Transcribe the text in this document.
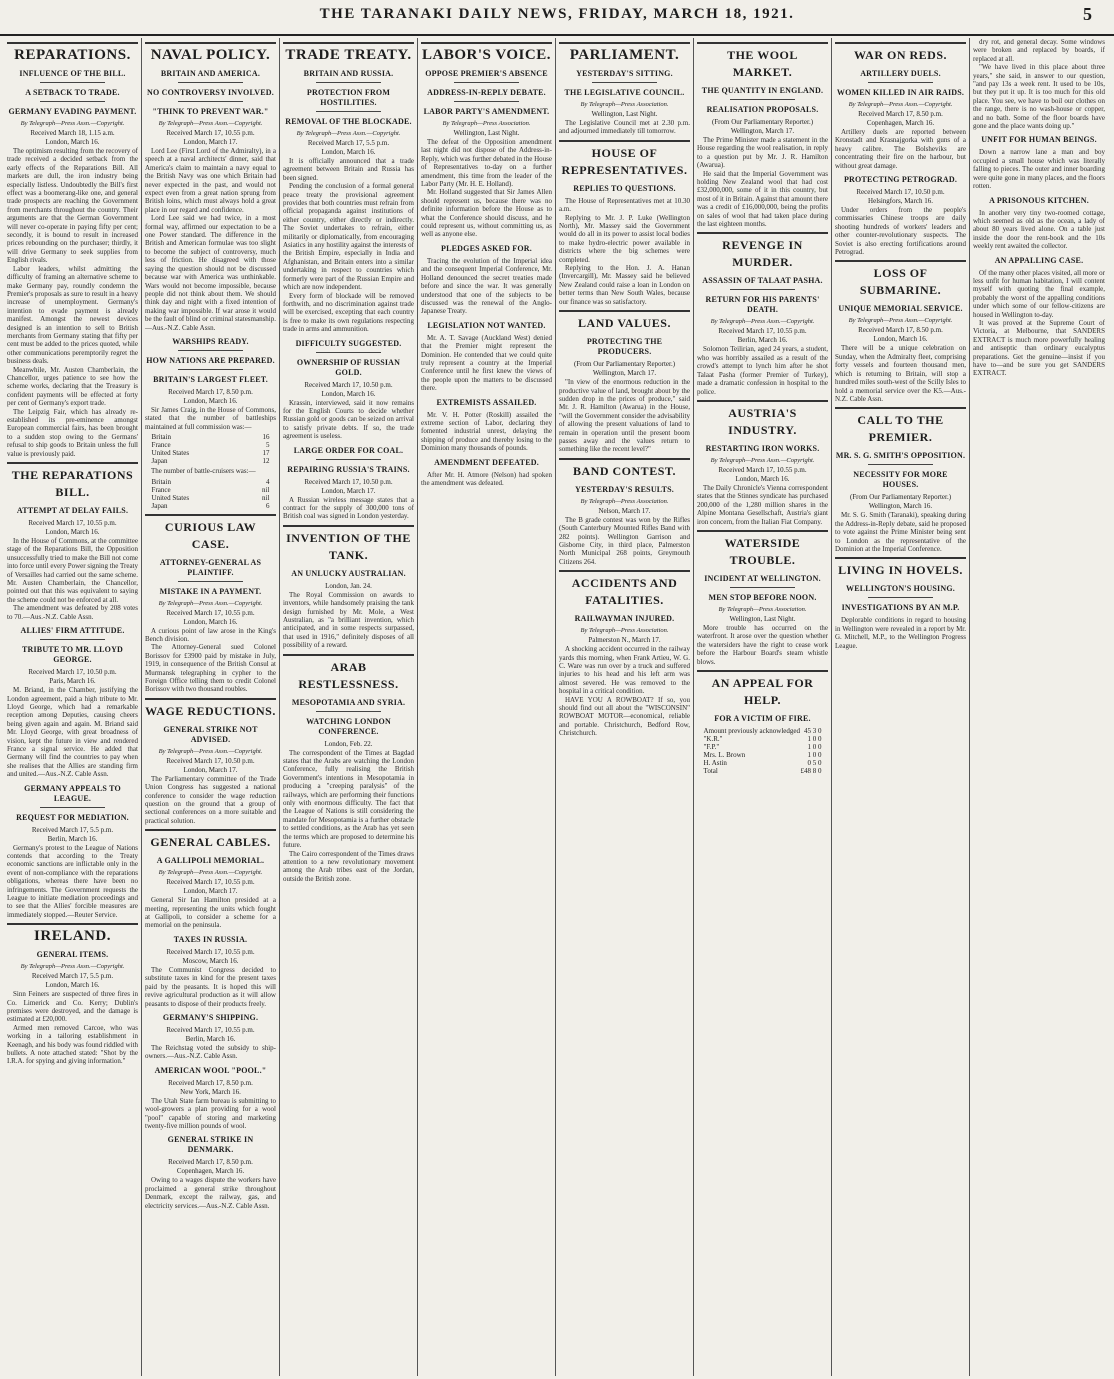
THE TARANAKI DAILY NEWS, FRIDAY, MARCH 18, 1921.	5
REPARATIONS.
INFLUENCE OF THE BILL.
A SETBACK TO TRADE.
GERMANY EVADING PAYMENT.
By Telegraph—Press Assn.—Copyright.
Received March 18, 1.15 a.m.
London, March 16.

The optimism resulting from the recovery of trade received a decided setback from the early effects of the Reparations Bill. All markets are dull, the iron industry being especially listless. Undoubtedly the Bill's first effect was a boomerang-like one, and general trade prospects are reaching the Government from merchants throughout the country. Their arguments are that the German Government will never co-operate in paying fifty per cent; secondly, it is bound to result in increased prices rebounding on the purchaser; thirdly, it will drive Germany to seek supplies from English rivals.

Labor leaders, whilst admitting the difficulty of framing an alternative scheme to make Germany pay, roundly condemn the Premier's proposals as sure to result in a heavy increase of unemployment. Germany's intention to evade payment is already manifest. Amongst the newest devices designed is an intention to sell to British merchants from Germany stating that fifty per cent must be added to the prices quoted, while other communications peremptorily regret the business deals.

Meanwhile, Mr. Austen Chamberlain, the Chancellor, urges patience to see how the scheme works, declaring that the Treasury is confident payments will be effected at forty per cent of Germany's export trade.

The Leipzig Fair, which has already re-established its pre-eminence amongst European commercial fairs, has been brought to a sudden stop owing to the Germans' refusal to ship goods to Britain unless the full value is previously paid.

THE REPARATIONS BILL.
ATTEMPT AT DELAY FAILS.
Received March 17, 10.55 p.m.
London, March 16.

In the House of Commons, at the committee stage of the Reparations Bill, the Opposition unsuccessfully tried to make the Bill not come into force until every Power signing the Treaty of Versailles had carried out the same scheme. Mr. Austen Chamberlain, the Chancellor, pointed out that this was equivalent to saying the scheme could not be enforced at all.

The amendment was defeated by 208 votes to 70.—Aus.-N.Z. Cable Assn.

ALLIES' FIRM ATTITUDE.
TRIBUTE TO MR. LLOYD GEORGE.
Received March 17, 10.50 p.m.
Paris, March 16.

M. Briand, in the Chamber, justifying the London agreement, paid a high tribute to Mr. Lloyd George, which had a remarkable reception among Deputies, causing cheers being given again and again. M. Briand said Mr. Lloyd George, with great broadness of vision, kept the future in view and rendered France a signal service. He added that Germany will find the countries to pay when she realises that the Allies are standing firm and united.—Aus.-N.Z. Cable Assn.

GERMANY APPEALS TO LEAGUE.
REQUEST FOR MEDIATION.
Received March 17, 5.5 p.m.
Berlin, March 16.

Germany's protest to the League of Nations contends that according to the Treaty economic sanctions are inflictable only in the event of non-compliance with the reparations obligations, whereas there have been no infringements. The Government requests the League to initiate mediation proceedings and to see that the Allies' forcible measures are immediately stopped.—Reuter Service.

IRELAND.
GENERAL ITEMS.
By Telegraph—Press Assn.—Copyright.
Received March 17, 5.5 p.m.
London, March 16.

Sinn Feiners are suspected of three fires in Co. Limerick and Co. Kerry; Dublin's premises were destroyed, and the damage is estimated at £20,000.

Armed men removed Carcoe, who was working in a tailoring establishment in Keenagh, and his body was found riddled with bullets. A note attached stated: "Shot by the I.R.A. for spying and giving information."

NAVAL POLICY.
BRITAIN AND AMERICA.
NO CONTROVERSY INVOLVED.
"THINK TO PREVENT WAR."
By Telegraph—Press Assn.—Copyright.
Received March 17, 10.55 p.m.
London, March 17.

Lord Lee (First Lord of the Admiralty), in a speech at a naval architects' dinner, said that America's claim to maintain a navy equal to the British Navy was one which Britain had never expected in the past, and would not expect even from a great nation sprung from British loins, which must always hold a great place in our regard and confidence.

Lord Lee said we had twice, in a most formal way, affirmed our expectation to be a one Power standard. The difference in the British and American formulae was too slight to become the subject of controversy, much less of friction. He disagreed with those saying the question should not be discussed because war with America was unthinkable. Wars would not become impossible, because people did not think about them. We should think day and night with a fixed intention of making war impossible. If war arose it would be the fault of blind or criminal statesmanship.—Aus.-N.Z. Cable Assn.

WARSHIPS READY.
HOW NATIONS ARE PREPARED.
BRITAIN'S LARGEST FLEET.
Received March 17, 8.50 p.m.
London, March 16.

Sir James Craig, in the House of Commons, stated that the number of battleships maintained at full commission was:—

Britain	16
France	5
United States	17
Japan	12

The number of battle-cruisers was:—

Britain	4
France	nil
United States	nil
Japan	6
CURIOUS LAW CASE.
ATTORNEY-GENERAL AS PLAINTIFF.
MISTAKE IN A PAYMENT.
By Telegraph—Press Assn.—Copyright.
Received March 17, 10.55 p.m.
London, March 16.

A curious point of law arose in the King's Bench division.

The Attorney-General sued Colonel Borissov for £3900 paid by mistake in July, 1919, in consequence of the British Consul at Murmansk telegraphing in cypher to the Foreign Office telling them to credit Colonel Borissov with two thousand roubles.

WAGE REDUCTIONS.
GENERAL STRIKE NOT ADVISED.
By Telegraph—Press Assn.—Copyright.
Received March 17, 10.50 p.m.
London, March 17.

The Parliamentary committee of the Trade Union Congress has suggested a national conference to consider the wage reduction question on the ground that a group of sectional conferences on a more suitable and practical solution.

GENERAL CABLES.
A GALLIPOLI MEMORIAL.
By Telegraph—Press Assn.—Copyright.
Received March 17, 10.55 p.m.
London, March 17.

General Sir Ian Hamilton presided at a meeting, representing the units which fought at Gallipoli, to consider a scheme for a memorial on the peninsula.

TAXES IN RUSSIA.
Received March 17, 10.55 p.m.
Moscow, March 16.

The Communist Congress decided to substitute taxes in kind for the present taxes paid by the peasants. It is hoped this will revive agricultural production as it will allow peasants to dispose of their products freely.

GERMANY'S SHIPPING.
Received March 17, 10.55 p.m.
Berlin, March 16.

The Reichstag voted the subsidy to ship-owners.—Aus.-N.Z. Cable Assn.

AMERICAN WOOL "POOL."
Received March 17, 8.50 p.m.
New York, March 16.

The Utah State farm bureau is submitting to wool-growers a plan providing for a wool "pool" capable of storing and marketing twenty-five million pounds of wool.

GENERAL STRIKE IN DENMARK.
Received March 17, 8.50 p.m.
Copenhagen, March 16.

Owing to a wages dispute the workers have proclaimed a general strike throughout Denmark, except the railway, gas, and electricity services.—Aus.-N.Z. Cable Assn.

TRADE TREATY.
BRITAIN AND RUSSIA.
PROTECTION FROM HOSTILITIES.
REMOVAL OF THE BLOCKADE.
By Telegraph—Press Assn.—Copyright.
Received March 17, 5.5 p.m.
London, March 16.

It is officially announced that a trade agreement between Britain and Russia has been signed.

Pending the conclusion of a formal general peace treaty the provisional agreement provides that both countries must refrain from official propaganda against institutions of either country, either directly or indirectly. The Soviet undertakes to refrain, either militarily or diplomatically, from encouraging Asiatics in any hostility against the interests of the British Empire, especially in India and Afghanistan, and Britain enters into a similar undertaking in respect to countries which formerly were part of the Russian Empire and which are now independent.

Every form of blockade will be removed forthwith, and no discrimination against trade will be exercised, excepting that each country is free to make its own regulations respecting trade in arms and ammunition.

DIFFICULTY SUGGESTED.
OWNERSHIP OF RUSSIAN GOLD.
Received March 17, 10.50 p.m.
London, March 16.

Krassin, interviewed, said it now remains for the English Courts to decide whether Russian gold or goods can be seized on arrival to satisfy private debts. If so, the trade agreement is useless.

LARGE ORDER FOR COAL.
REPAIRING RUSSIA'S TRAINS.
Received March 17, 10.50 p.m.
London, March 17.

A Russian wireless message states that a contract for the supply of 300,000 tons of British coal was signed in London yesterday.

INVENTION OF THE TANK.
AN UNLUCKY AUSTRALIAN.
London, Jan. 24.

The Royal Commission on awards to inventors, while handsomely praising the tank design furnished by Mr. Mole, a West Australian, as "a brilliant invention, which anticipated, and in some respects surpassed, that used in 1916," definitely disposes of all possibility of a reward.

ARAB RESTLESSNESS.
MESOPOTAMIA AND SYRIA.
WATCHING LONDON CONFERENCE.
London, Feb. 22.

The correspondent of the Times at Bagdad states that the Arabs are watching the London Conference, fully realising the British Government's intentions in Mesopotamia in producing a "creeping paralysis" of the railways, which are performing their functions only with enormous difficulty. The fact that the League of Nations is still considering the mandate for Mesopotamia is a further obstacle to settled conditions, as the Arab has yet seen the terms which are proposed to determine his future.

The Cairo correspondent of the Times draws attention to a new revolutionary movement among the Arab tribes east of the Jordan, outside the British zone.

LABOR'S VOICE.
OPPOSE PREMIER'S ABSENCE
ADDRESS-IN-REPLY DEBATE.
LABOR PARTY'S AMENDMENT.
By Telegraph—Press Association.
Wellington, Last Night.

The defeat of the Opposition amendment last night did not dispose of the Address-in-Reply, which was further debated in the House of Representatives to-day on a further amendment, this time from the leader of the Labor Party (Mr. H. E. Holland).

Mr. Holland suggested that Sir James Allen should represent us, because there was no definite information before the House as to what the Conference should discuss, and he could represent us, without committing us, as well as anyone else.

PLEDGES ASKED FOR.

Tracing the evolution of the Imperial idea and the consequent Imperial Conference, Mr. Holland denounced the secret treaties made before and since the war. It was generally understood that one of the subjects to be discussed was the renewal of the Anglo-Japanese Treaty.

LEGISLATION NOT WANTED.

Mr. A. T. Savage (Auckland West) denied that the Premier might represent the Dominion. He contended that we could quite truly represent a country at the Imperial Conference until he first knew the views of the people upon the matters to be discussed there.

EXTREMISTS ASSAILED.

Mr. V. H. Potter (Roskill) assailed the extreme section of Labor, declaring they fomented industrial unrest, delaying the shipping of produce and thereby losing to the Dominion many thousands of pounds.

AMENDMENT DEFEATED.

After Mr. H. Atmore (Nelson) had spoken the amendment was defeated.

PARLIAMENT.
YESTERDAY'S SITTING.
THE LEGISLATIVE COUNCIL.
By Telegraph—Press Association.
Wellington, Last Night.

The Legislative Council met at 2.30 p.m. and adjourned immediately till tomorrow.

HOUSE OF REPRESENTATIVES.
REPLIES TO QUESTIONS.

The House of Representatives met at 10.30 a.m.

Replying to Mr. J. P. Luke (Wellington North), Mr. Massey said the Government would do all in its power to assist local bodies to make hydro-electric power available in districts where the big schemes were completed.

Replying to the Hon. J. A. Hanan (Invercargill), Mr. Massey said he believed New Zealand could raise a loan in London on better terms than New South Wales, because our finance was so satisfactory.

LAND VALUES.
PROTECTING THE PRODUCERS.
(From Our Parliamentary Reporter.)
Wellington, March 17.

"In view of the enormous reduction in the productive value of land, brought about by the sudden drop in the prices of produce," said Mr. J. R. Hamilton (Awarua) in the House, "will the Government consider the advisability of allowing the present valuations of land to remain in operation until the present boom passes away and the values return to something like the recent level?"

BAND CONTEST.
YESTERDAY'S RESULTS.
By Telegraph—Press Association.
Nelson, March 17.

The B grade contest was won by the Rifles (South Canterbury Mounted Rifles Band with 282 points). Wellington Garrison and Gisborne City, in third place, Palmerston North Municipal 268 points, Greymouth Citizens 264.

ACCIDENTS AND FATALITIES.
RAILWAYMAN INJURED.
By Telegraph—Press Association.
Palmerston N., March 17.

A shocking accident occurred in the railway yards this morning, when Frank Artieu, W. G. C. Ware was run over by a truck and suffered injuries to his head and his left arm was almost severed. He was removed to the hospital in a critical condition.

HAVE YOU A ROWBOAT? If so, you should find out all about the "WISCONSIN" ROWBOAT MOTOR—economical, reliable and portable. Christchurch, Bedford Row, Christchurch.

THE WOOL MARKET.
THE QUANTITY IN ENGLAND.
REALISATION PROPOSALS.
(From Our Parliamentary Reporter.)
Wellington, March 17.

The Prime Minister made a statement in the House regarding the wool realisation, in reply to a question put by Mr. J. R. Hamilton (Awarua).

He said that the Imperial Government was holding New Zealand wool that had cost £32,000,000, some of it in this country, but most of it in Britain. Against that amount there was a credit of £16,000,000, being the profits on sales of wool that had taken place during the last eighteen months.

REVENGE IN MURDER.
ASSASSIN OF TALAAT PASHA.
RETURN FOR HIS PARENTS' DEATH.
By Telegraph—Press Assn.—Copyright.
Received March 17, 10.55 p.m.
Berlin, March 16.

Solomon Teilirian, aged 24 years, a student, who was horribly assailed as a result of the crowd's attempt to lynch him after he shot Talaat Pasha (former Premier of Turkey), made a dramatic confession in hospital to the police.

AUSTRIA'S INDUSTRY.
RESTARTING IRON WORKS.
By Telegraph—Press Assn.—Copyright.
Received March 17, 10.55 p.m.
London, March 16.

The Daily Chronicle's Vienna correspondent states that the Stinnes syndicate has purchased 200,000 of the 1,280 million shares in the Alpine Montana Gesellschaft, Austria's giant iron concern, from the Italian Fiat Company.

WATERSIDE TROUBLE.
INCIDENT AT WELLINGTON.
MEN STOP BEFORE NOON.
By Telegraph—Press Association.
Wellington, Last Night.

More trouble has occurred on the waterfront. It arose over the question whether the watersiders have the right to cease work before the Harbour Board's steam whistle blows.

AN APPEAL FOR HELP.
FOR A VICTIM OF FIRE.
Amount previously acknowledged	45 3 0
"K.R."	1 0 0
"F.P."	1 0 0
Mrs. L. Brown	1 0 0
H. Astin	0 5 0
Total	£48 8 0
WAR ON REDS.
ARTILLERY DUELS.
WOMEN KILLED IN AIR RAIDS.
By Telegraph—Press Assn.—Copyright.
Received March 17, 8.50 p.m.
Copenhagen, March 16.

Artillery duels are reported between Kronstadt and Krasnajgorka with guns of a heavy calibre. The Bolsheviks are concentrating their fire on the harbour, but without great damage.

PROTECTING PETROGRAD.
Received March 17, 10.50 p.m.
Helsingfors, March 16.

Under orders from the people's commissaries Chinese troops are daily shooting hundreds of workers' leaders and other counter-revolutionary suspects. The Soviet is also erecting fortifications around Petrograd.

LOSS OF SUBMARINE.
UNIQUE MEMORIAL SERVICE.
By Telegraph—Press Assn.—Copyright.
Received March 17, 8.50 p.m.
London, March 16.

There will be a unique celebration on Sunday, when the Admiralty fleet, comprising forty vessels and fourteen thousand men, which is returning to Britain, will stop a hundred miles south-west of the Scilly Isles to hold a memorial service over the K5.—Aus.-N.Z. Cable Assn.

CALL TO THE PREMIER.
MR. S. G. SMITH'S OPPOSITION.
NECESSITY FOR MORE HOUSES.
(From Our Parliamentary Reporter.)
Wellington, March 16.

Mr. S. G. Smith (Taranaki), speaking during the Address-in-Reply debate, said he proposed to vote against the Prime Minister being sent to London as the representative of the Dominion at the Imperial Conference.

LIVING IN HOVELS.
WELLINGTON'S HOUSING.
INVESTIGATIONS BY AN M.P.

Deplorable conditions in regard to housing in Wellington were revealed in a report by Mr. G. Mitchell, M.P., to the Wellington Progress League.

dry rot, and general decay. Some windows were broken and replaced by boards, if replaced at all.

"We have lived in this place about three years," she said, in answer to our question, "and pay 13s a week rent. It used to be 10s, but they put it up. It is too much for this old place. You see, we have to boil our clothes on the range, there is no wash-house or copper, and no bath. Some of the floor boards have gone and the place wants doing up."

UNFIT FOR HUMAN BEINGS.

Down a narrow lane a man and boy occupied a small house which was literally falling to pieces. The outer and inner boarding were quite gone in many places, and the floors rotten.

A PRISONOUS KITCHEN.

In another very tiny two-roomed cottage, which seemed as old as the ocean, a lady of about 80 years lived alone. On a table just inside the door the rent-book and the 10s weekly rent awaited the collector.

AN APPALLING CASE.

Of the many other places visited, all more or less unfit for human habitation, I will content myself with quoting the final example, probably the worst of the appalling conditions under which some of our fellow-citizens are housed in Wellington to-day.

It was proved at the Supreme Court of Victoria, at Melbourne, that SANDERS EXTRACT is much more powerfully healing and antiseptic than ordinary eucalyptus preparations. Get the genuine—insist if you have to—and be sure you get SANDERS EXTRACT.
